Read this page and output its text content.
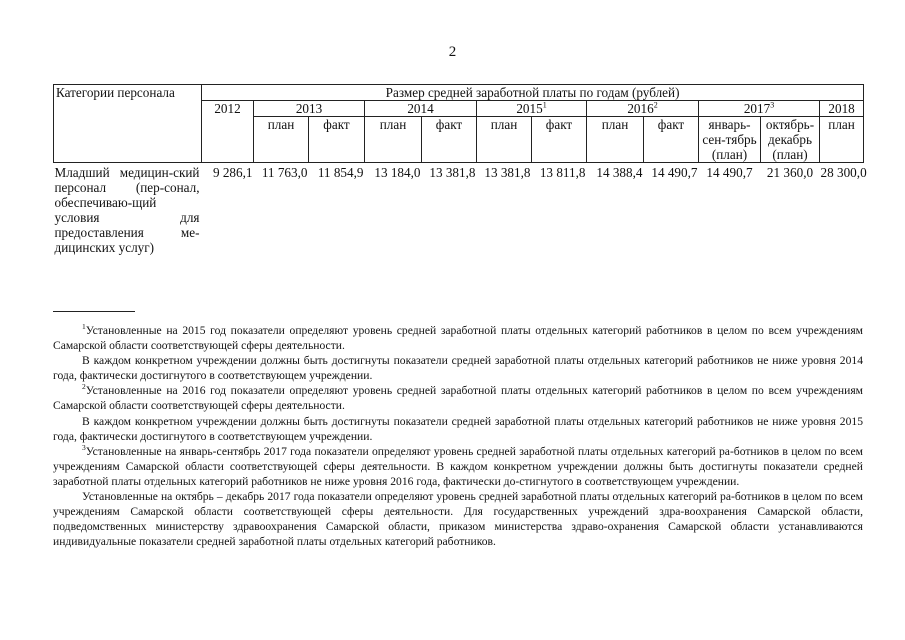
2
Категории персонала	Размер средней заработной платы по годам (рублей)											
	2012	2013		2014		2015$^1$		2016$^2$		2017$^3$		2018
		план	факт	план	факт	план	факт	план	факт	январь-сен-тябрь (план)	октябрь-декабрь (план)	план
Младший медицин-ский персонал (пер-сонал, обеспечиваю-щий условия для предоставления ме-дицинских услуг)	9 286,1	11 763,0	11 854,9	13 184,0	13 381,8	13 381,8	13 811,8	14 388,4	14 490,7	14 490,7	21 360,0	28 300,0

$^1$Установленные на 2015 год показатели определяют уровень средней заработной платы отдельных категорий работников в целом по всем учреждениям Самарской области соответствующей сферы деятельности.

В каждом конкретном учреждении должны быть достигнуты показатели средней заработной платы отдельных категорий работников не ниже уровня 2014 года, фактически достигнутого в соответствующем учреждении.

$^2$Установленные на 2016 год показатели определяют уровень средней заработной платы отдельных категорий работников в целом по всем учреждениям Самарской области соответствующей сферы деятельности.

В каждом конкретном учреждении должны быть достигнуты показатели средней заработной платы отдельных категорий работников не ниже уровня 2015 года, фактически достигнутого в соответствующем учреждении.

$^3$Установленные на январь-сентябрь 2017 года показатели определяют уровень средней заработной платы отдельных категорий ра-ботников в целом по всем учреждениям Самарской области соответствующей сферы деятельности. В каждом конкретном учреждении должны быть достигнуты показатели средней заработной платы отдельных категорий работников не ниже уровня 2016 года, фактически до-стигнутого в соответствующем учреждении.

Установленные на октябрь – декабрь 2017 года показатели определяют уровень средней заработной платы отдельных категорий ра-ботников в целом по всем учреждениям Самарской области соответствующей сферы деятельности. Для государственных учреждений здра-воохранения Самарской области, подведомственных министерству здравоохранения Самарской области, приказом министерства здраво-охранения Самарской области устанавливаются индивидуальные показатели средней заработной платы отдельных категорий работников.
